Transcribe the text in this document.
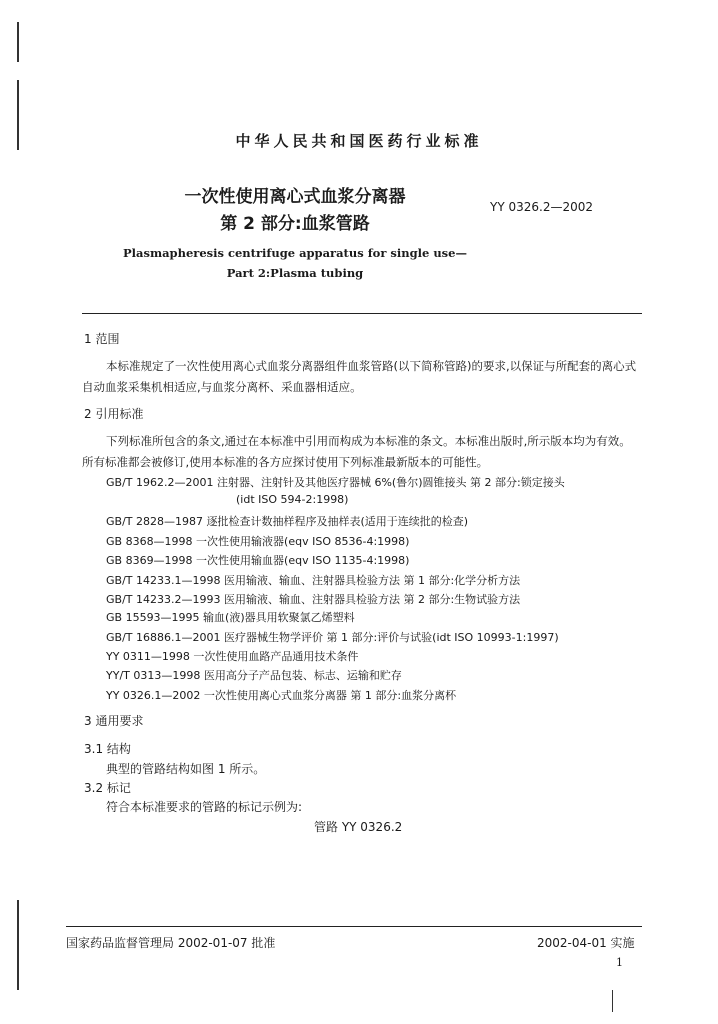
中华人民共和国医药行业标准
一次性使用离心式血浆分离器
第 2 部分:血浆管路
YY 0326.2—2002
Plasmapheresis centrifuge apparatus for single use—
Part 2:Plasma tubing
1 范围
本标准规定了一次性使用离心式血浆分离器组件血浆管路(以下简称管路)的要求,以保证与所配套的离心式自动血浆采集机相适应,与血浆分离杯、采血器相适应。
2 引用标准
下列标准所包含的条文,通过在本标准中引用而构成为本标准的条文。本标准出版时,所示版本均为有效。所有标准都会被修订,使用本标准的各方应探讨使用下列标准最新版本的可能性。
GB/T 1962.2—2001 注射器、注射针及其他医疗器械 6%(鲁尔)圆锥接头 第 2 部分:锁定接头
(idt ISO 594-2:1998)
GB/T 2828—1987 逐批检查计数抽样程序及抽样表(适用于连续批的检查)
GB 8368—1998 一次性使用输液器(eqv ISO 8536-4:1998)
GB 8369—1998 一次性使用输血器(eqv ISO 1135-4:1998)
GB/T 14233.1—1998 医用输液、输血、注射器具检验方法 第 1 部分:化学分析方法
GB/T 14233.2—1993 医用输液、输血、注射器具检验方法 第 2 部分:生物试验方法
GB 15593—1995 输血(液)器具用软聚氯乙烯塑料
GB/T 16886.1—2001 医疗器械生物学评价 第 1 部分:评价与试验(idt ISO 10993-1:1997)
YY 0311—1998 一次性使用血路产品通用技术条件
YY/T 0313—1998 医用高分子产品包装、标志、运输和贮存
YY 0326.1—2002 一次性使用离心式血浆分离器 第 1 部分:血浆分离杯
3 通用要求
3.1 结构
典型的管路结构如图 1 所示。
3.2 标记
符合本标准要求的管路的标记示例为:
管路 YY 0326.2
国家药品监督管理局 2002-01-07 批准	2002-04-01 实施
1
